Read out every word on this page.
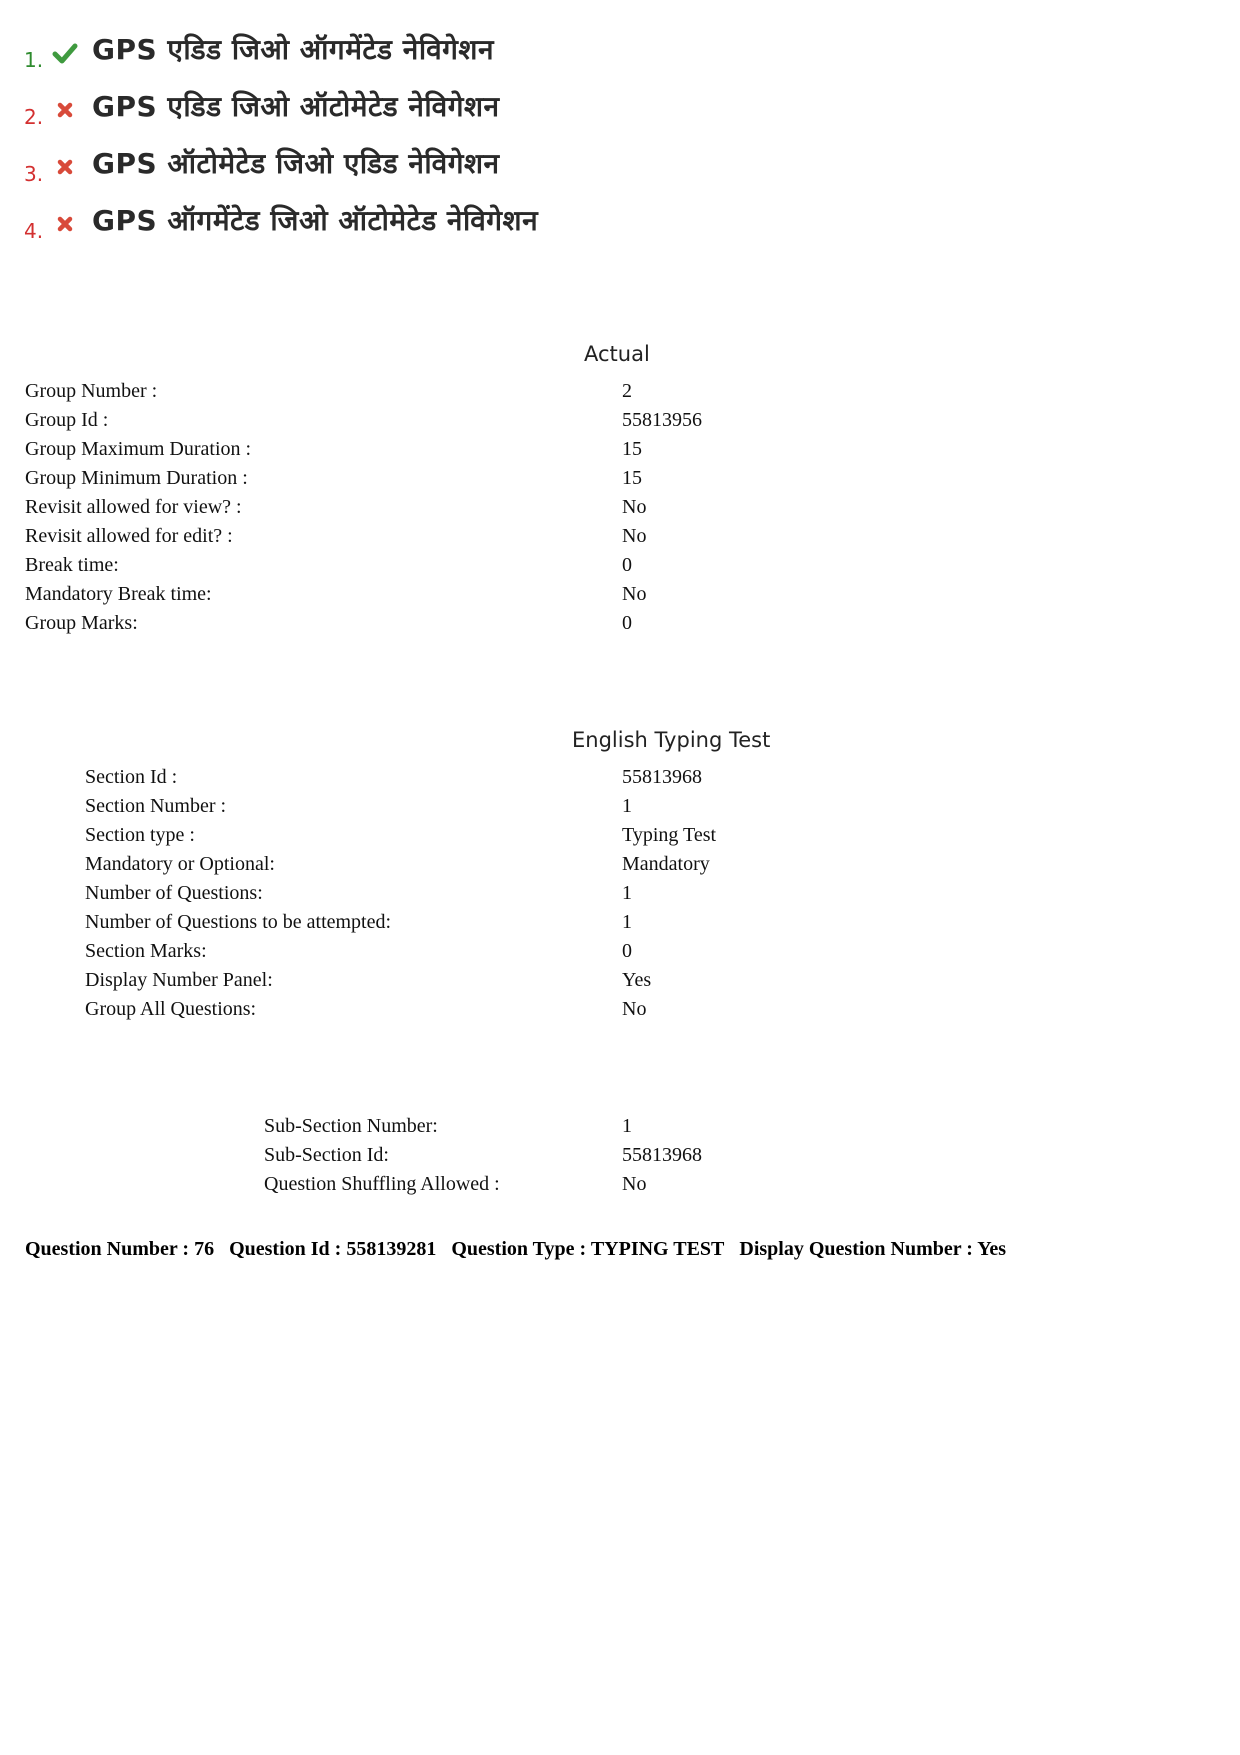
1. GPS एडिड जिओ ऑगमेंटेड नेविगेशन
2. GPS एडिड जिओ ऑटोमेटेड नेविगेशन
3. GPS ऑटोमेटेड जिओ एडिड नेविगेशन
4. GPS ऑगमेंटेड जिओ ऑटोमेटेड नेविगेशन
Actual
Group Number :	2
Group Id :	55813956
Group Maximum Duration :	15
Group Minimum Duration :	15
Revisit allowed for view? :	No
Revisit allowed for edit? :	No
Break time:	0
Mandatory Break time:	No
Group Marks:	0
English Typing Test
Section Id :	55813968
Section Number :	1
Section type :	Typing Test
Mandatory or Optional:	Mandatory
Number of Questions:	1
Number of Questions to be attempted:	1
Section Marks:	0
Display Number Panel:	Yes
Group All Questions:	No
Sub-Section Number:	1
Sub-Section Id:	55813968
Question Shuffling Allowed :	No
Question Number : 76 Question Id : 558139281 Question Type : TYPING TEST Display Question Number : Yes
